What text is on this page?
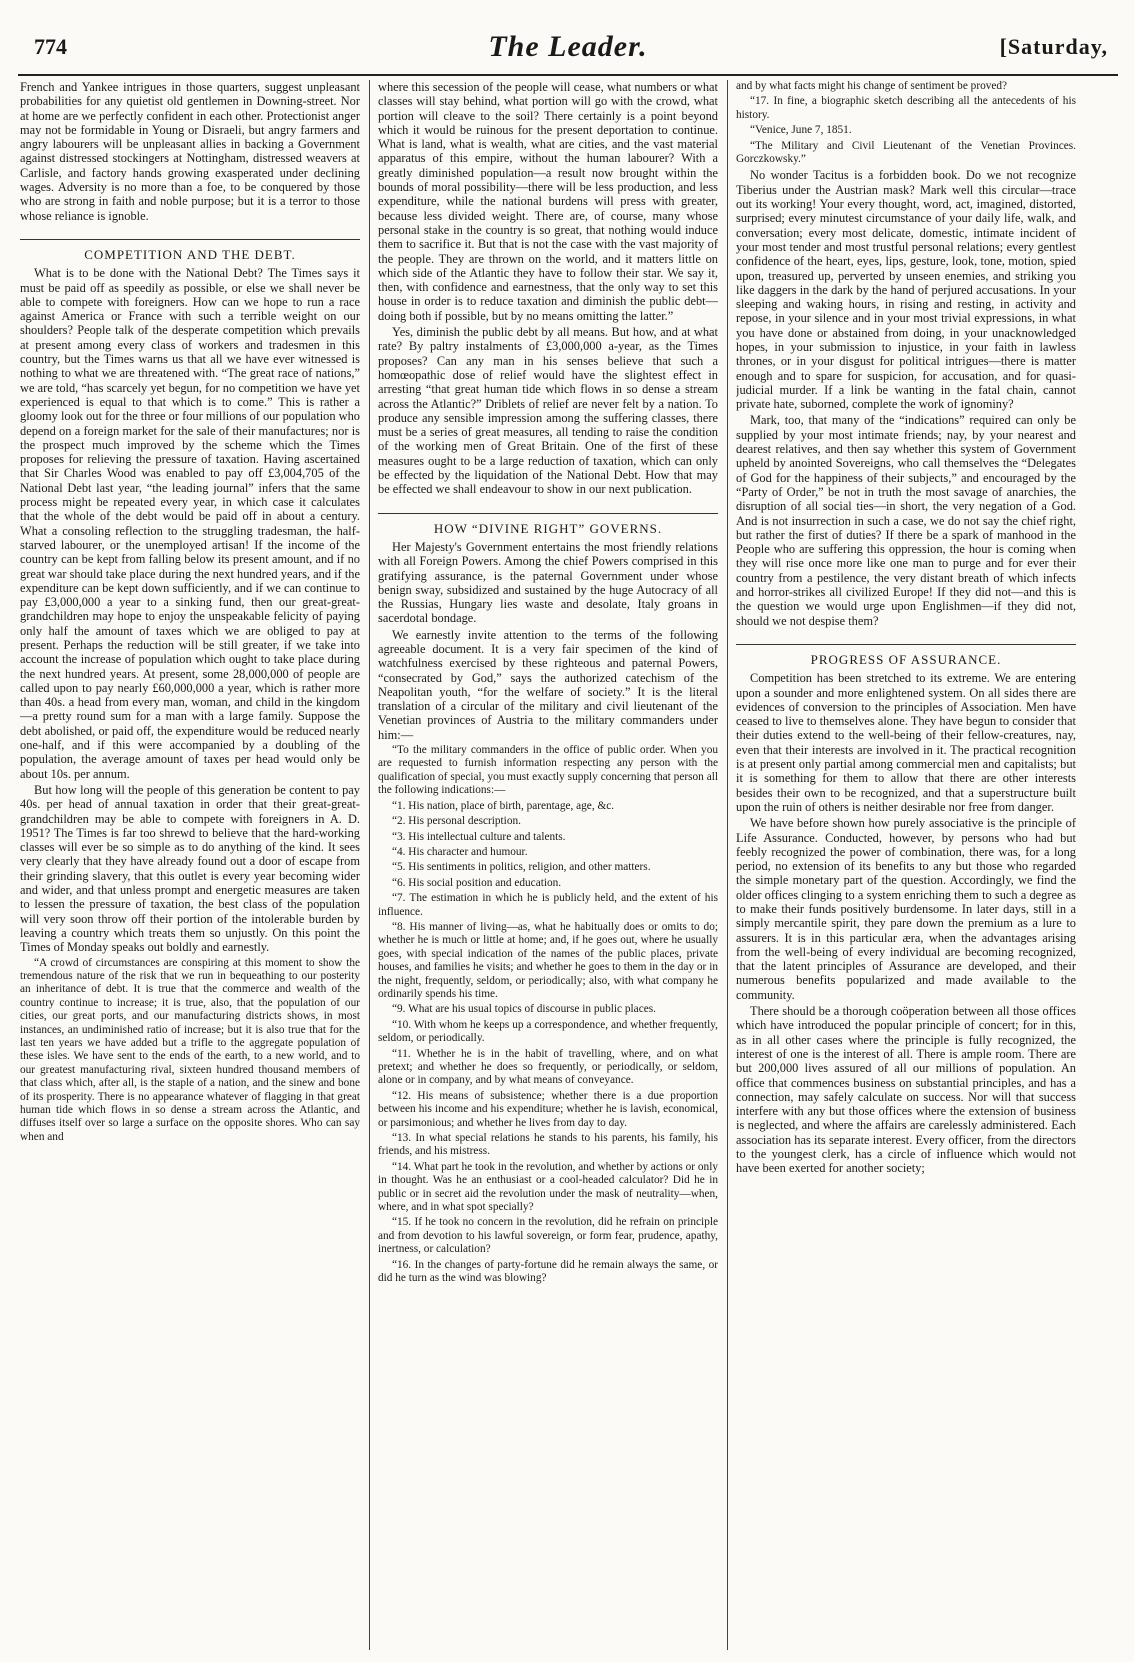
774	The Leader.	[Saturday,

French and Yankee intrigues in those quarters, suggest unpleasant probabilities for any quietist old gentlemen in Downing-street. Nor at home are we perfectly confident in each other. Protectionist anger may not be formidable in Young or Disraeli, but angry farmers and angry labourers will be unpleasant allies in backing a Government against distressed stockingers at Nottingham, distressed weavers at Carlisle, and factory hands growing exasperated under declining wages. Adversity is no more than a foe, to be conquered by those who are strong in faith and noble purpose; but it is a terror to those whose reliance is ignoble.

COMPETITION AND THE DEBT.

What is to be done with the National Debt? The Times says it must be paid off as speedily as possible, or else we shall never be able to compete with foreigners. How can we hope to run a race against America or France with such a terrible weight on our shoulders? People talk of the desperate competition which prevails at present among every class of workers and tradesmen in this country, but the Times warns us that all we have ever witnessed is nothing to what we are threatened with. “The great race of nations,” we are told, “has scarcely yet begun, for no competition we have yet experienced is equal to that which is to come.” This is rather a gloomy look out for the three or four millions of our population who depend on a foreign market for the sale of their manufactures; nor is the prospect much improved by the scheme which the Times proposes for relieving the pressure of taxation. Having ascertained that Sir Charles Wood was enabled to pay off £3,004,705 of the National Debt last year, “the leading journal” infers that the same process might be repeated every year, in which case it calculates that the whole of the debt would be paid off in about a century. What a consoling reflection to the struggling tradesman, the half-starved labourer, or the unemployed artisan! If the income of the country can be kept from falling below its present amount, and if no great war should take place during the next hundred years, and if the expenditure can be kept down sufficiently, and if we can continue to pay £3,000,000 a year to a sinking fund, then our great-great-grandchildren may hope to enjoy the unspeakable felicity of paying only half the amount of taxes which we are obliged to pay at present. Perhaps the reduction will be still greater, if we take into account the increase of population which ought to take place during the next hundred years. At present, some 28,000,000 of people are called upon to pay nearly £60,000,000 a year, which is rather more than 40s. a head from every man, woman, and child in the kingdom—a pretty round sum for a man with a large family. Suppose the debt abolished, or paid off, the expenditure would be reduced nearly one-half, and if this were accompanied by a doubling of the population, the average amount of taxes per head would only be about 10s. per annum.

But how long will the people of this generation be content to pay 40s. per head of annual taxation in order that their great-great-grandchildren may be able to compete with foreigners in A. D. 1951? The Times is far too shrewd to believe that the hard-working classes will ever be so simple as to do anything of the kind. It sees very clearly that they have already found out a door of escape from their grinding slavery, that this outlet is every year becoming wider and wider, and that unless prompt and energetic measures are taken to lessen the pressure of taxation, the best class of the population will very soon throw off their portion of the intolerable burden by leaving a country which treats them so unjustly. On this point the Times of Monday speaks out boldly and earnestly.

“A crowd of circumstances are conspiring at this moment to show the tremendous nature of the risk that we run in bequeathing to our posterity an inheritance of debt. It is true that the commerce and wealth of the country continue to increase; it is true, also, that the population of our cities, our great ports, and our manufacturing districts shows, in most instances, an undiminished ratio of increase; but it is also true that for the last ten years we have added but a trifle to the aggregate population of these isles. We have sent to the ends of the earth, to a new world, and to our greatest manufacturing rival, sixteen hundred thousand members of that class which, after all, is the staple of a nation, and the sinew and bone of its prosperity. There is no appearance whatever of flagging in that great human tide which flows in so dense a stream across the Atlantic, and diffuses itself over so large a surface on the opposite shores. Who can say when and

where this secession of the people will cease, what numbers or what classes will stay behind, what portion will go with the crowd, what portion will cleave to the soil? There certainly is a point beyond which it would be ruinous for the present deportation to continue. What is land, what is wealth, what are cities, and the vast material apparatus of this empire, without the human labourer? With a greatly diminished population—a result now brought within the bounds of moral possibility—there will be less production, and less expenditure, while the national burdens will press with greater, because less divided weight. There are, of course, many whose personal stake in the country is so great, that nothing would induce them to sacrifice it. But that is not the case with the vast majority of the people. They are thrown on the world, and it matters little on which side of the Atlantic they have to follow their star. We say it, then, with confidence and earnestness, that the only way to set this house in order is to reduce taxation and diminish the public debt—doing both if possible, but by no means omitting the latter.”

Yes, diminish the public debt by all means. But how, and at what rate? By paltry instalments of £3,000,000 a-year, as the Times proposes? Can any man in his senses believe that such a homœopathic dose of relief would have the slightest effect in arresting “that great human tide which flows in so dense a stream across the Atlantic?” Driblets of relief are never felt by a nation. To produce any sensible impression among the suffering classes, there must be a series of great measures, all tending to raise the condition of the working men of Great Britain. One of the first of these measures ought to be a large reduction of taxation, which can only be effected by the liquidation of the National Debt. How that may be effected we shall endeavour to show in our next publication.

HOW “DIVINE RIGHT” GOVERNS.

Her Majesty's Government entertains the most friendly relations with all Foreign Powers. Among the chief Powers comprised in this gratifying assurance, is the paternal Government under whose benign sway, subsidized and sustained by the huge Autocracy of all the Russias, Hungary lies waste and desolate, Italy groans in sacerdotal bondage.

We earnestly invite attention to the terms of the following agreeable document. It is a very fair specimen of the kind of watchfulness exercised by these righteous and paternal Powers, “consecrated by God,” says the authorized catechism of the Neapolitan youth, “for the welfare of society.” It is the literal translation of a circular of the military and civil lieutenant of the Venetian provinces of Austria to the military commanders under him:—

“To the military commanders in the office of public order. When you are requested to furnish information respecting any person with the qualification of special, you must exactly supply concerning that person all the following indications:—

“1. His nation, place of birth, parentage, age, &c.

“2. His personal description.

“3. His intellectual culture and talents.

“4. His character and humour.

“5. His sentiments in politics, religion, and other matters.

“6. His social position and education.

“7. The estimation in which he is publicly held, and the extent of his influence.

“8. His manner of living—as, what he habitually does or omits to do; whether he is much or little at home; and, if he goes out, where he usually goes, with special indication of the names of the public places, private houses, and families he visits; and whether he goes to them in the day or in the night, frequently, seldom, or periodically; also, with what company he ordinarily spends his time.

“9. What are his usual topics of discourse in public places.

“10. With whom he keeps up a correspondence, and whether frequently, seldom, or periodically.

“11. Whether he is in the habit of travelling, where, and on what pretext; and whether he does so frequently, or periodically, or seldom, alone or in company, and by what means of conveyance.

“12. His means of subsistence; whether there is a due proportion between his income and his expenditure; whether he is lavish, economical, or parsimonious; and whether he lives from day to day.

“13. In what special relations he stands to his parents, his family, his friends, and his mistress.

“14. What part he took in the revolution, and whether by actions or only in thought. Was he an enthusiast or a cool-headed calculator? Did he in public or in secret aid the revolution under the mask of neutrality—when, where, and in what spot specially?

“15. If he took no concern in the revolution, did he refrain on principle and from devotion to his lawful sovereign, or form fear, prudence, apathy, inertness, or calculation?

“16. In the changes of party-fortune did he remain always the same, or did he turn as the wind was blowing?

and by what facts might his change of sentiment be proved?

“17. In fine, a biographic sketch describing all the antecedents of his history.

“Venice, June 7, 1851.

“The Military and Civil Lieutenant of the Venetian Provinces. Gorczkowsky.”

No wonder Tacitus is a forbidden book. Do we not recognize Tiberius under the Austrian mask? Mark well this circular—trace out its working! Your every thought, word, act, imagined, distorted, surprised; every minutest circumstance of your daily life, walk, and conversation; every most delicate, domestic, intimate incident of your most tender and most trustful personal relations; every gentlest confidence of the heart, eyes, lips, gesture, look, tone, motion, spied upon, treasured up, perverted by unseen enemies, and striking you like daggers in the dark by the hand of perjured accusations. In your sleeping and waking hours, in rising and resting, in activity and repose, in your silence and in your most trivial expressions, in what you have done or abstained from doing, in your unacknowledged hopes, in your submission to injustice, in your faith in lawless thrones, or in your disgust for political intrigues—there is matter enough and to spare for suspicion, for accusation, and for quasi-judicial murder. If a link be wanting in the fatal chain, cannot private hate, suborned, complete the work of ignominy?

Mark, too, that many of the “indications” required can only be supplied by your most intimate friends; nay, by your nearest and dearest relatives, and then say whether this system of Government upheld by anointed Sovereigns, who call themselves the “Delegates of God for the happiness of their subjects,” and encouraged by the “Party of Order,” be not in truth the most savage of anarchies, the disruption of all social ties—in short, the very negation of a God. And is not insurrection in such a case, we do not say the chief right, but rather the first of duties? If there be a spark of manhood in the People who are suffering this oppression, the hour is coming when they will rise once more like one man to purge and for ever their country from a pestilence, the very distant breath of which infects and horror-strikes all civilized Europe! If they did not—and this is the question we would urge upon Englishmen—if they did not, should we not despise them?

PROGRESS OF ASSURANCE.

Competition has been stretched to its extreme. We are entering upon a sounder and more enlightened system. On all sides there are evidences of conversion to the principles of Association. Men have ceased to live to themselves alone. They have begun to consider that their duties extend to the well-being of their fellow-creatures, nay, even that their interests are involved in it. The practical recognition is at present only partial among commercial men and capitalists; but it is something for them to allow that there are other interests besides their own to be recognized, and that a superstructure built upon the ruin of others is neither desirable nor free from danger.

We have before shown how purely associative is the principle of Life Assurance. Conducted, however, by persons who had but feebly recognized the power of combination, there was, for a long period, no extension of its benefits to any but those who regarded the simple monetary part of the question. Accordingly, we find the older offices clinging to a system enriching them to such a degree as to make their funds positively burdensome. In later days, still in a simply mercantile spirit, they pare down the premium as a lure to assurers. It is in this particular æra, when the advantages arising from the well-being of every individual are becoming recognized, that the latent principles of Assurance are developed, and their numerous benefits popularized and made available to the community.

There should be a thorough coöperation between all those offices which have introduced the popular principle of concert; for in this, as in all other cases where the principle is fully recognized, the interest of one is the interest of all. There is ample room. There are but 200,000 lives assured of all our millions of population. An office that commences business on substantial principles, and has a connection, may safely calculate on success. Nor will that success interfere with any but those offices where the extension of business is neglected, and where the affairs are carelessly administered. Each association has its separate interest. Every officer, from the directors to the youngest clerk, has a circle of influence which would not have been exerted for another society;
